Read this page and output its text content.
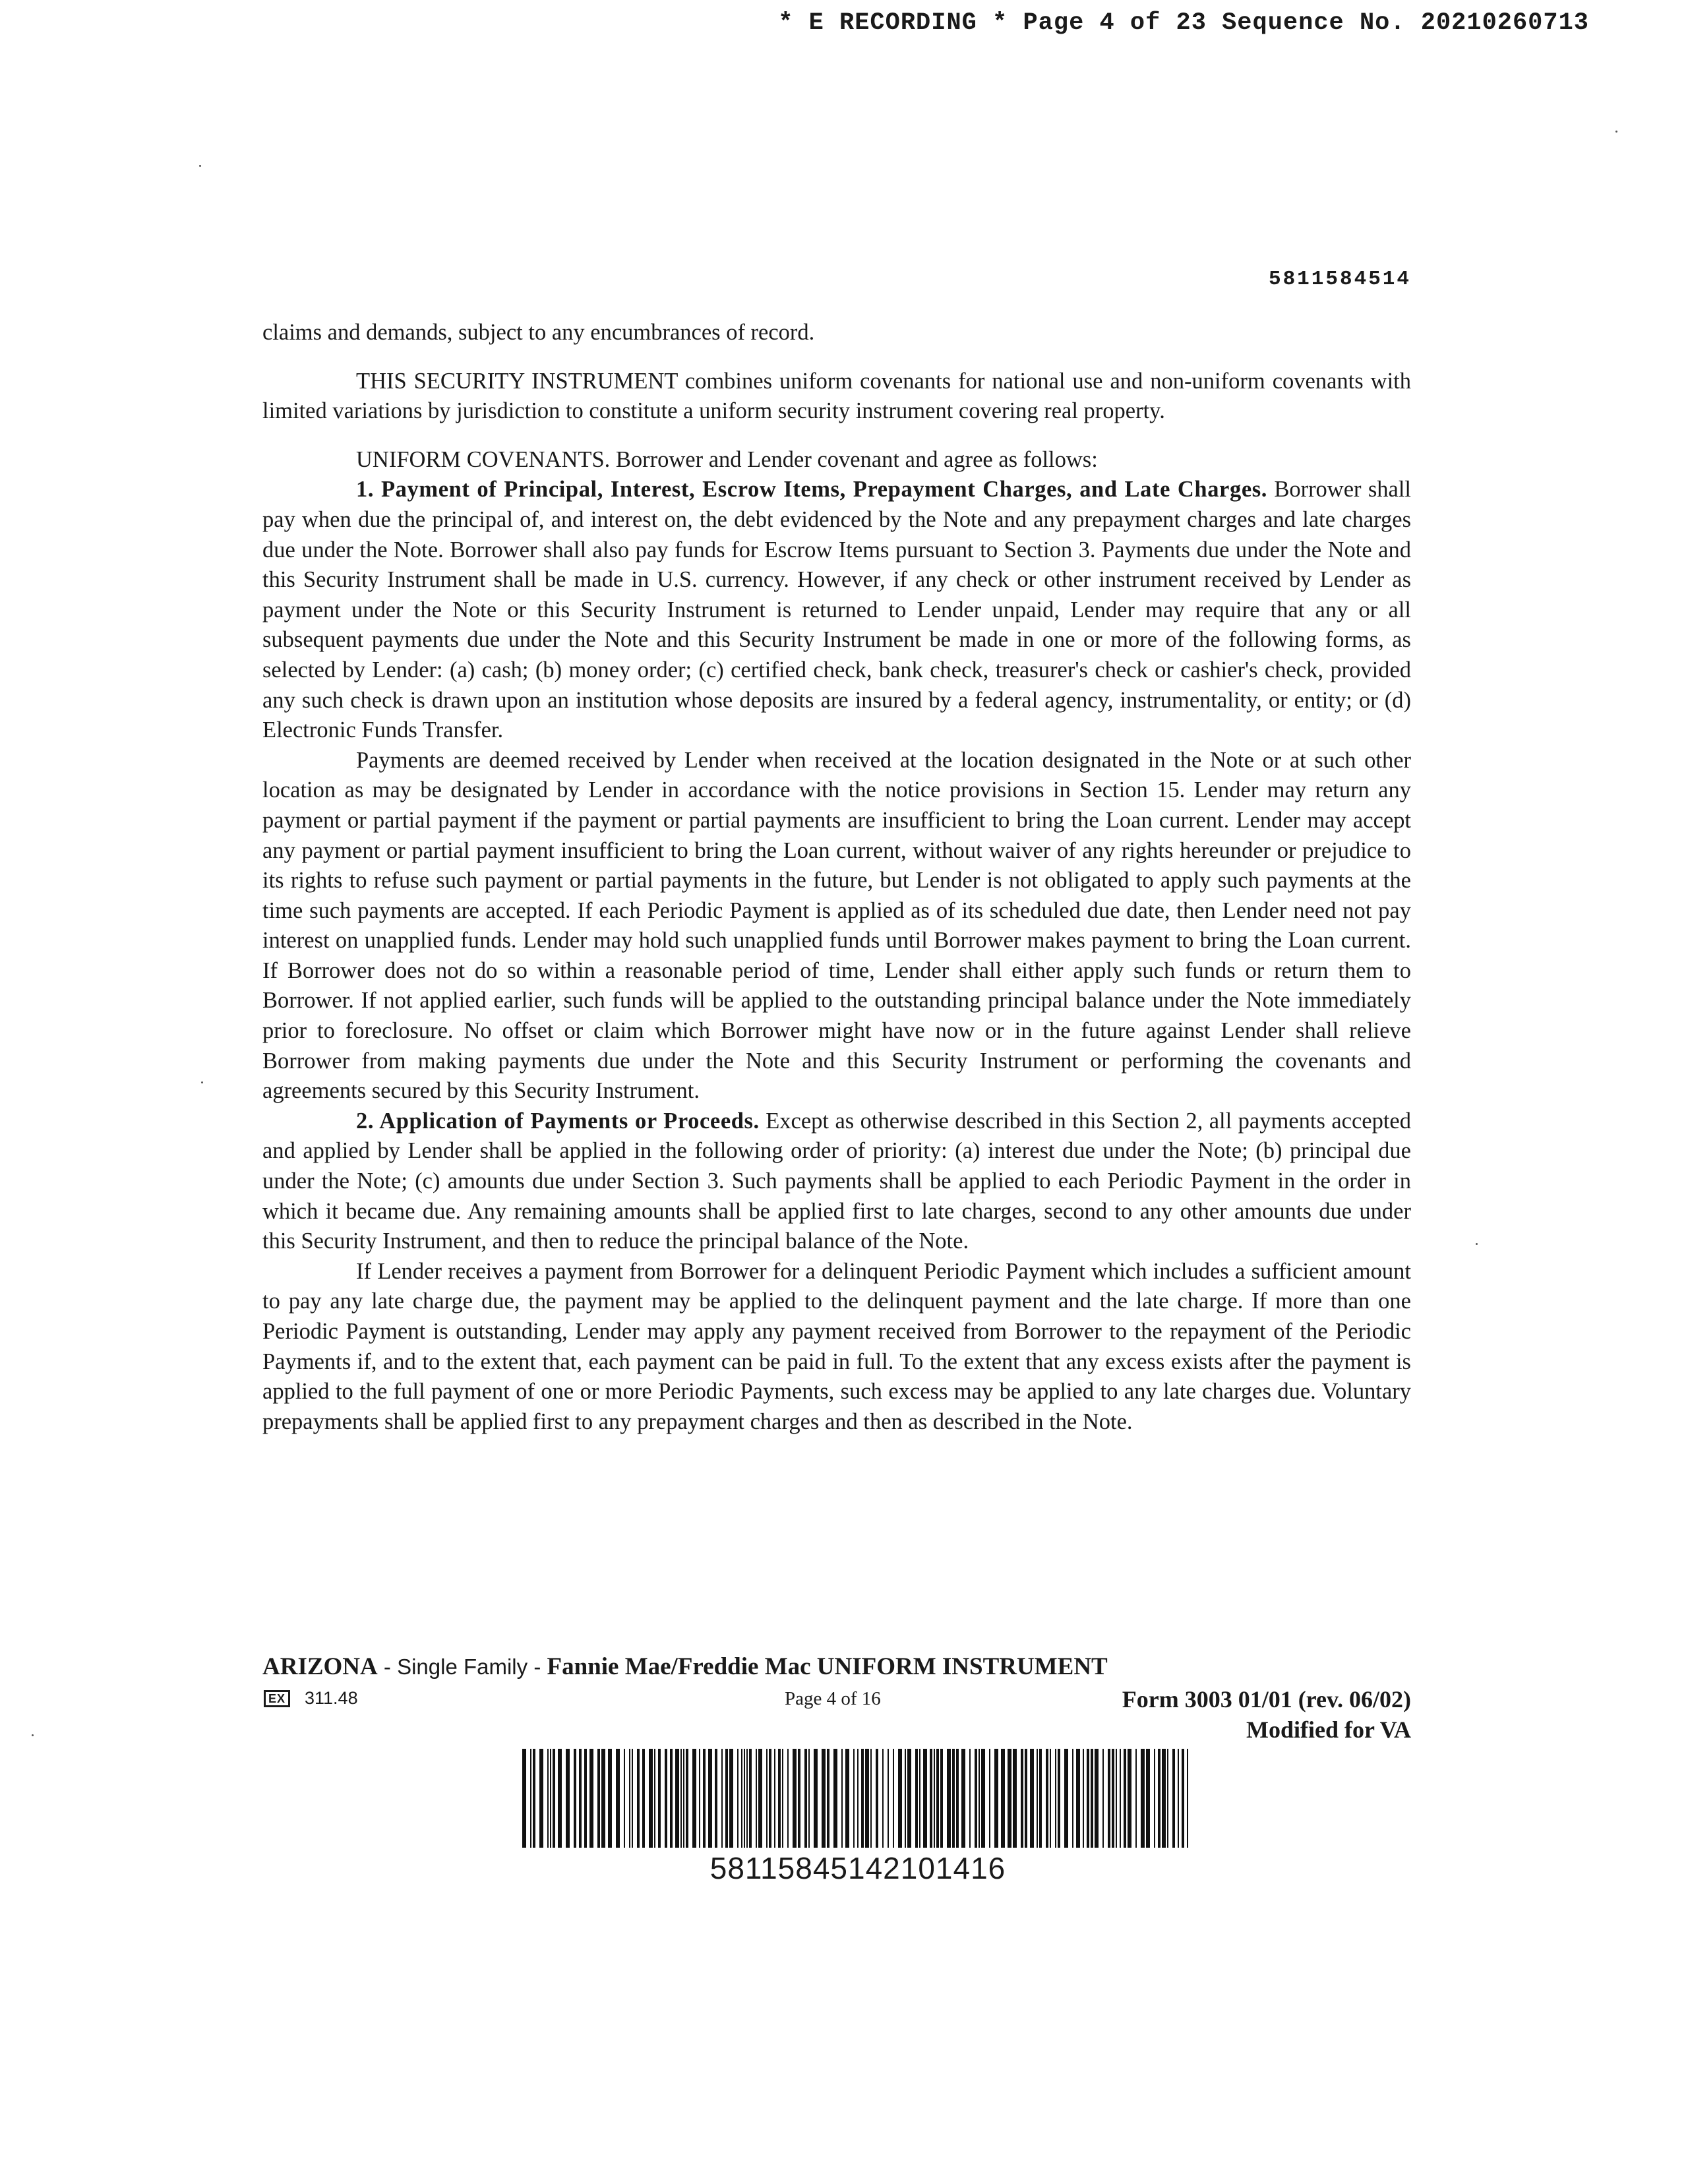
* E RECORDING * Page 4 of 23 Sequence No. 20210260713
5811584514

claims and demands, subject to any encumbrances of record.

THIS SECURITY INSTRUMENT combines uniform covenants for national use and non-uniform covenants with limited variations by jurisdiction to constitute a uniform security instrument covering real property.

UNIFORM COVENANTS. Borrower and Lender covenant and agree as follows:

1. Payment of Principal, Interest, Escrow Items, Prepayment Charges, and Late Charges. Borrower shall pay when due the principal of, and interest on, the debt evidenced by the Note and any prepayment charges and late charges due under the Note. Borrower shall also pay funds for Escrow Items pursuant to Section 3. Payments due under the Note and this Security Instrument shall be made in U.S. currency. However, if any check or other instrument received by Lender as payment under the Note or this Security Instrument is returned to Lender unpaid, Lender may require that any or all subsequent payments due under the Note and this Security Instrument be made in one or more of the following forms, as selected by Lender: (a) cash; (b) money order; (c) certified check, bank check, treasurer's check or cashier's check, provided any such check is drawn upon an institution whose deposits are insured by a federal agency, instrumentality, or entity; or (d) Electronic Funds Transfer.

Payments are deemed received by Lender when received at the location designated in the Note or at such other location as may be designated by Lender in accordance with the notice provisions in Section 15. Lender may return any payment or partial payment if the payment or partial payments are insufficient to bring the Loan current. Lender may accept any payment or partial payment insufficient to bring the Loan current, without waiver of any rights hereunder or prejudice to its rights to refuse such payment or partial payments in the future, but Lender is not obligated to apply such payments at the time such payments are accepted. If each Periodic Payment is applied as of its scheduled due date, then Lender need not pay interest on unapplied funds. Lender may hold such unapplied funds until Borrower makes payment to bring the Loan current. If Borrower does not do so within a reasonable period of time, Lender shall either apply such funds or return them to Borrower. If not applied earlier, such funds will be applied to the outstanding principal balance under the Note immediately prior to foreclosure. No offset or claim which Borrower might have now or in the future against Lender shall relieve Borrower from making payments due under the Note and this Security Instrument or performing the covenants and agreements secured by this Security Instrument.

2. Application of Payments or Proceeds. Except as otherwise described in this Section 2, all payments accepted and applied by Lender shall be applied in the following order of priority: (a) interest due under the Note; (b) principal due under the Note; (c) amounts due under Section 3. Such payments shall be applied to each Periodic Payment in the order in which it became due. Any remaining amounts shall be applied first to late charges, second to any other amounts due under this Security Instrument, and then to reduce the principal balance of the Note.

If Lender receives a payment from Borrower for a delinquent Periodic Payment which includes a sufficient amount to pay any late charge due, the payment may be applied to the delinquent payment and the late charge. If more than one Periodic Payment is outstanding, Lender may apply any payment received from Borrower to the repayment of the Periodic Payments if, and to the extent that, each payment can be paid in full. To the extent that any excess exists after the payment is applied to the full payment of one or more Periodic Payments, such excess may be applied to any late charges due. Voluntary prepayments shall be applied first to any prepayment charges and then as described in the Note.

ARIZONA - Single Family - Fannie Mae/Freddie Mac UNIFORM INSTRUMENT
EX 311.48	Page 4 of 16	Form 3003 01/01 (rev. 06/02)
Modified for VA
58115845142101416
